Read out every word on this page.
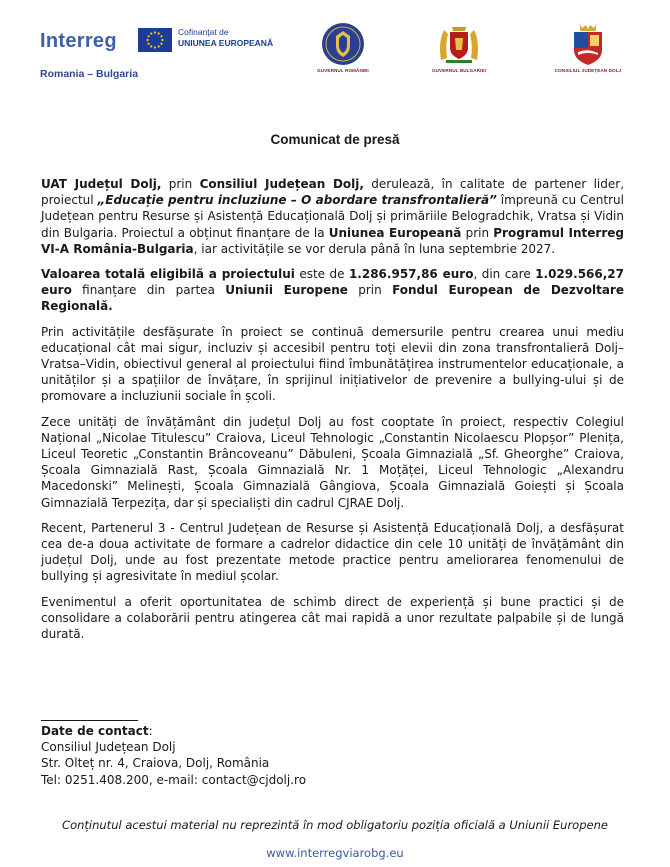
Interreg	Cofinanțat de
UNIUNEA EUROPEANĂ
Romania – Bulgaria	GUVERNUL ROMÂNIEI	GUVERNUL BULGARIEI	CONSILIUL JUDEȚEAN DOLJ
Comunicat de presă

UAT Județul Dolj, prin Consiliul Județean Dolj, derulează, în calitate de partener lider, proiectul „Educație pentru incluziune – O abordare transfrontalieră” împreună cu Centrul Județean pentru Resurse și Asistență Educațională Dolj și primăriile Belogradchik, Vratsa și Vidin din Bulgaria. Proiectul a obținut finanțare de la Uniunea Europeană prin Programul Interreg VI-A România-Bulgaria, iar activitățile se vor derula până în luna septembrie 2027.

Valoarea totală eligibilă a proiectului este de 1.286.957,86 euro, din care 1.029.566,27 euro finanțare din partea Uniunii Europene prin Fondul European de Dezvoltare Regională.

Prin activitățile desfășurate în proiect se continuă demersurile pentru crearea unui mediu educațional cât mai sigur, incluziv și accesibil pentru toți elevii din zona transfrontalieră Dolj–Vratsa–Vidin, obiectivul general al proiectului fiind îmbunătățirea instrumentelor educaționale, a unităților și a spațiilor de învățare, în sprijinul inițiativelor de prevenire a bullying-ului și de promovare a incluziunii sociale în școli.

Zece unități de învățământ din județul Dolj au fost cooptate în proiect, respectiv Colegiul Național „Nicolae Titulescu” Craiova, Liceul Tehnologic „Constantin Nicolaescu Plopșor” Plenița, Liceul Teoretic „Constantin Brâncoveanu” Dăbuleni, Școala Gimnazială „Sf. Gheorghe” Craiova, Școala Gimnazială Rast, Școala Gimnazială Nr. 1 Moțăței, Liceul Tehnologic „Alexandru Macedonski” Melinești, Școala Gimnazială Gângiova, Școala Gimnazială Goiești și Școala Gimnazială Terpezița, dar și specialiști din cadrul CJRAE Dolj.

Recent, Partenerul 3 - Centrul Județean de Resurse și Asistență Educațională Dolj, a desfășurat cea de-a doua activitate de formare a cadrelor didactice din cele 10 unități de învățământ din județul Dolj, unde au fost prezentate metode practice pentru ameliorarea fenomenului de bullying și agresivitate în mediul școlar.

Evenimentul a oferit oportunitatea de schimb direct de experiență și bune practici și de consolidare a colaborării pentru atingerea cât mai rapidă a unor rezultate palpabile și de lungă durată.

Date de contact:
Consiliul Județean Dolj
Str. Olteț nr. 4, Craiova, Dolj, România
Tel: 0251.408.200, e-mail: contact@cjdolj.ro
Conținutul acestui material nu reprezintă în mod obligatoriu poziția oficială a Uniunii Europene
www.interregviarobg.eu
